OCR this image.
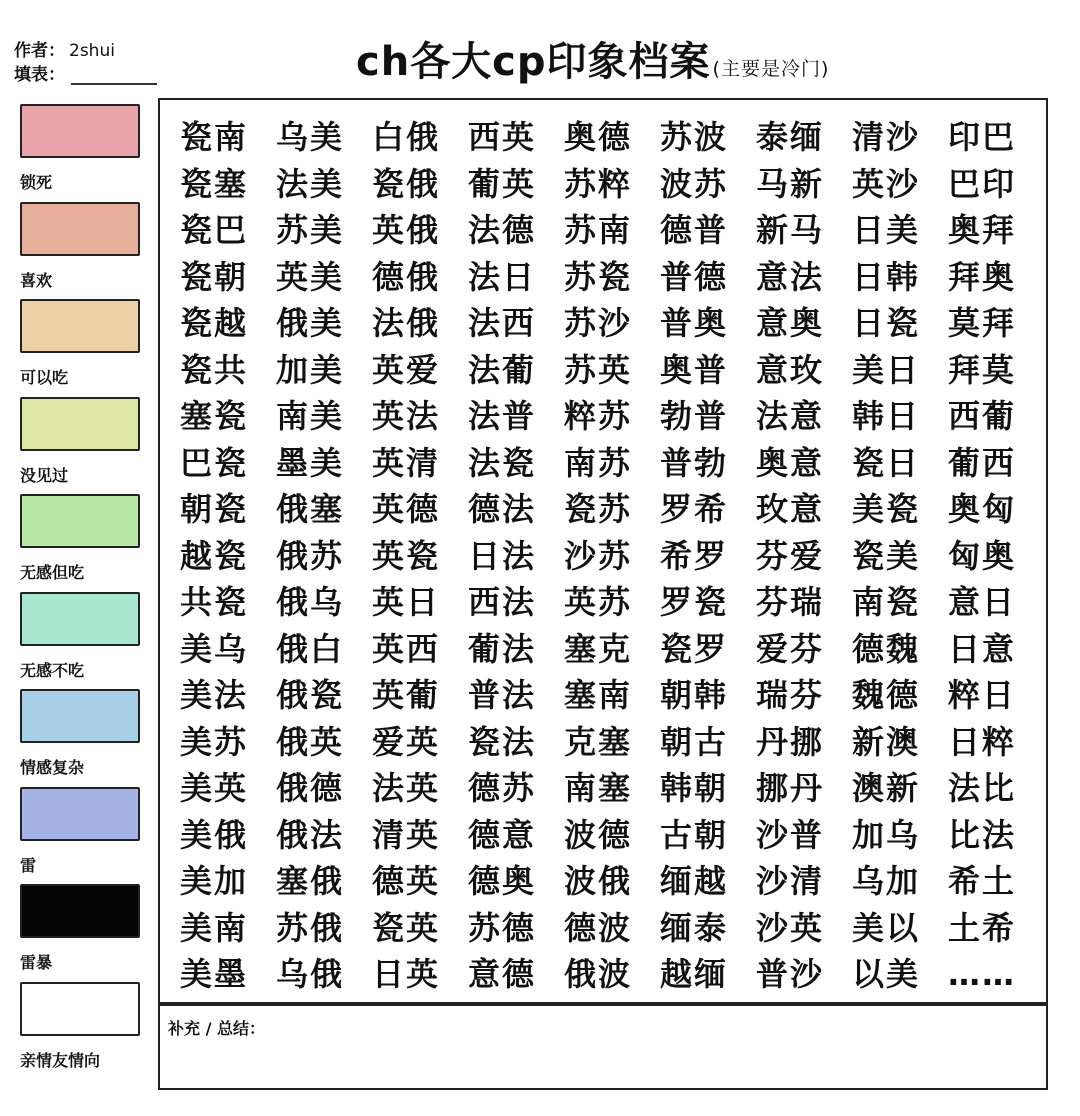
作者： 2shui
填表：	ch各大cp印象档案 (主要是冷门)
锁死
喜欢
可以吃
没见过
无感但吃
无感不吃
情感复杂
雷
雷暴
亲情友情向
瓷南
瓷塞
瓷巴
瓷朝
瓷越
瓷共
塞瓷
巴瓷
朝瓷
越瓷
共瓷
美乌
美法
美苏
美英
美俄
美加
美南
美墨
乌美
法美
苏美
英美
俄美
加美
南美
墨美
俄塞
俄苏
俄乌
俄白
俄瓷
俄英
俄德
俄法
塞俄
苏俄
乌俄
白俄
瓷俄
英俄
德俄
法俄
英爱
英法
英清
英德
英瓷
英日
英西
英葡
爱英
法英
清英
德英
瓷英
日英
西英
葡英
法德
法日
法西
法葡
法普
法瓷
德法
日法
西法
葡法
普法
瓷法
德苏
德意
德奥
苏德
意德
奥德
苏粹
苏南
苏瓷
苏沙
苏英
粹苏
南苏
瓷苏
沙苏
英苏
塞克
塞南
克塞
南塞
波德
波俄
德波
俄波
苏波
波苏
德普
普德
普奥
奥普
勃普
普勃
罗希
希罗
罗瓷
瓷罗
朝韩
朝古
韩朝
古朝
缅越
缅泰
越缅
泰缅
马新
新马
意法
意奥
意玫
法意
奥意
玫意
芬爱
芬瑞
爱芬
瑞芬
丹挪
挪丹
沙普
沙清
沙英
普沙
清沙
英沙
日美
日韩
日瓷
美日
韩日
瓷日
美瓷
瓷美
南瓷
德魏
魏德
新澳
澳新
加乌
乌加
美以
以美
印巴
巴印
奥拜
拜奥
莫拜
拜莫
西葡
葡西
奥匈
匈奥
意日
日意
粹日
日粹
法比
比法
希土
土希
……
补充 / 总结：
